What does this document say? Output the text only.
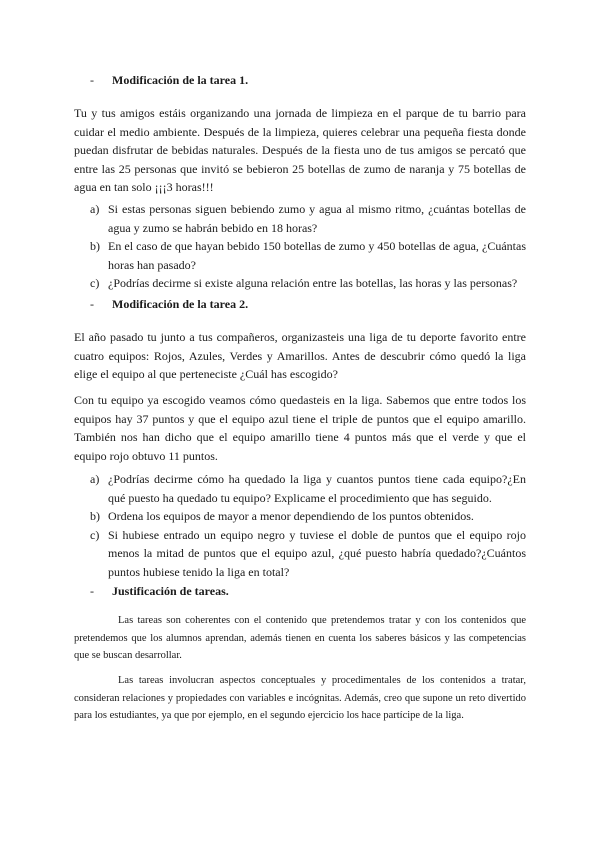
- Modificación de la tarea 1.

Tu y tus amigos estáis organizando una jornada de limpieza en el parque de tu barrio para cuidar el medio ambiente. Después de la limpieza, quieres celebrar una pequeña fiesta donde puedan disfrutar de bebidas naturales. Después de la fiesta uno de tus amigos se percató que entre las 25 personas que invitó se bebieron 25 botellas de zumo de naranja y 75 botellas de agua en tan solo ¡¡¡3 horas!!!

a) Si estas personas siguen bebiendo zumo y agua al mismo ritmo, ¿cuántas botellas de agua y zumo se habrán bebido en 18 horas?
b) En el caso de que hayan bebido 150 botellas de zumo y 450 botellas de agua, ¿Cuántas horas han pasado?
c) ¿Podrías decirme si existe alguna relación entre las botellas, las horas y las personas?
- Modificación de la tarea 2.

El año pasado tu junto a tus compañeros, organizasteis una liga de tu deporte favorito entre cuatro equipos: Rojos, Azules, Verdes y Amarillos. Antes de descubrir cómo quedó la liga elige el equipo al que perteneciste ¿Cuál has escogido?

Con tu equipo ya escogido veamos cómo quedasteis en la liga. Sabemos que entre todos los equipos hay 37 puntos y que el equipo azul tiene el triple de puntos que el equipo amarillo. También nos han dicho que el equipo amarillo tiene 4 puntos más que el verde y que el equipo rojo obtuvo 11 puntos.

a) ¿Podrías decirme cómo ha quedado la liga y cuantos puntos tiene cada equipo?¿En qué puesto ha quedado tu equipo? Explicame el procedimiento que has seguido.
b) Ordena los equipos de mayor a menor dependiendo de los puntos obtenidos.
c) Si hubiese entrado un equipo negro y tuviese el doble de puntos que el equipo rojo menos la mitad de puntos que el equipo azul, ¿qué puesto habría quedado?¿Cuántos puntos hubiese tenido la liga en total?
- Justificación de tareas.

Las tareas son coherentes con el contenido que pretendemos tratar y con los contenidos que pretendemos que los alumnos aprendan, además tienen en cuenta los saberes básicos y las competencias que se buscan desarrollar.

Las tareas involucran aspectos conceptuales y procedimentales de los contenidos a tratar, consideran relaciones y propiedades con variables e incógnitas. Además, creo que supone un reto divertido para los estudiantes, ya que por ejemplo, en el segundo ejercicio los hace partícipe de la liga.
